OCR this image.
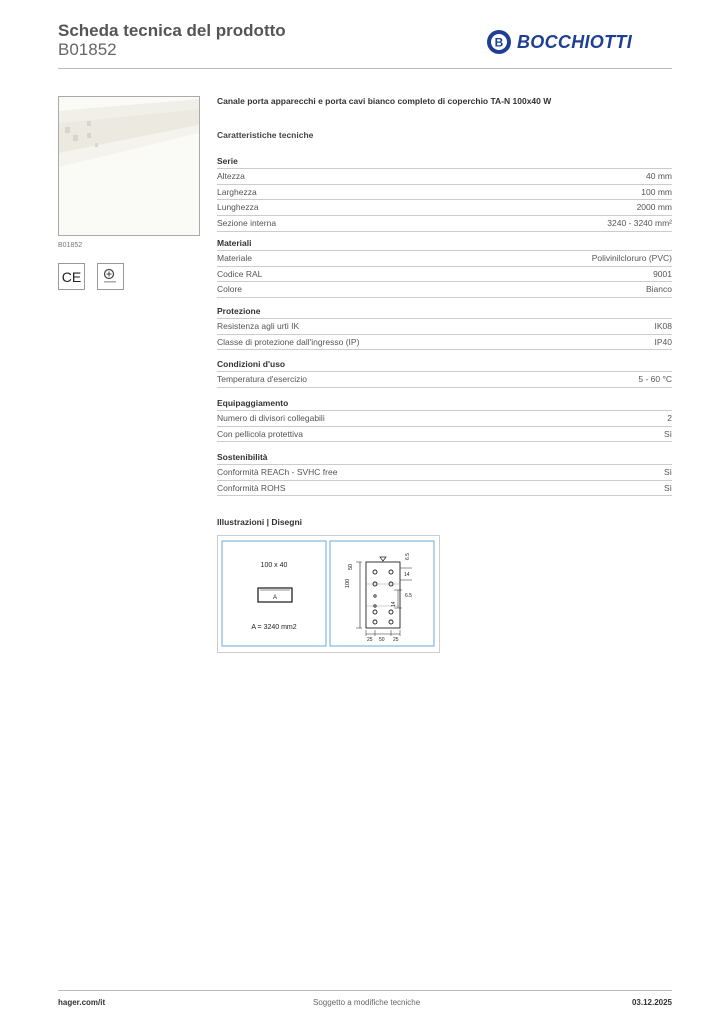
Scheda tecnica del prodotto
B01852	B BOCCHIOTTI
B01852
CE
Canale porta apparecchi e porta cavi bianco completo di coperchio TA-N 100x40 W
Caratteristiche tecniche
Serie
Altezza	40 mm
Larghezza	100 mm
Lunghezza	2000 mm
Sezione interna	3240 - 3240 mm²
Materiali
Materiale	Polivinilcloruro (PVC)
Codice RAL	9001
Colore	Bianco
Protezione
Resistenza agli urti IK	IK08
Classe di protezione dall'ingresso (IP)	IP40
Condizioni d'uso
Temperatura d'esercizio	5 - 60 °C
Equipaggiamento
Numero di divisori collegabili	2
Con pellicola protettiva	Sì
Sostenibilità
Conformità REACh - SVHC free	Sì
Conformità ROHS	Sì
Illustrazioni | Disegni
100 x 40
A
A = 3240 mm2
100
50
6.5
14
6.5
14
25 50 25
hager.com/it	Soggetto a modifiche tecniche	03.12.2025
